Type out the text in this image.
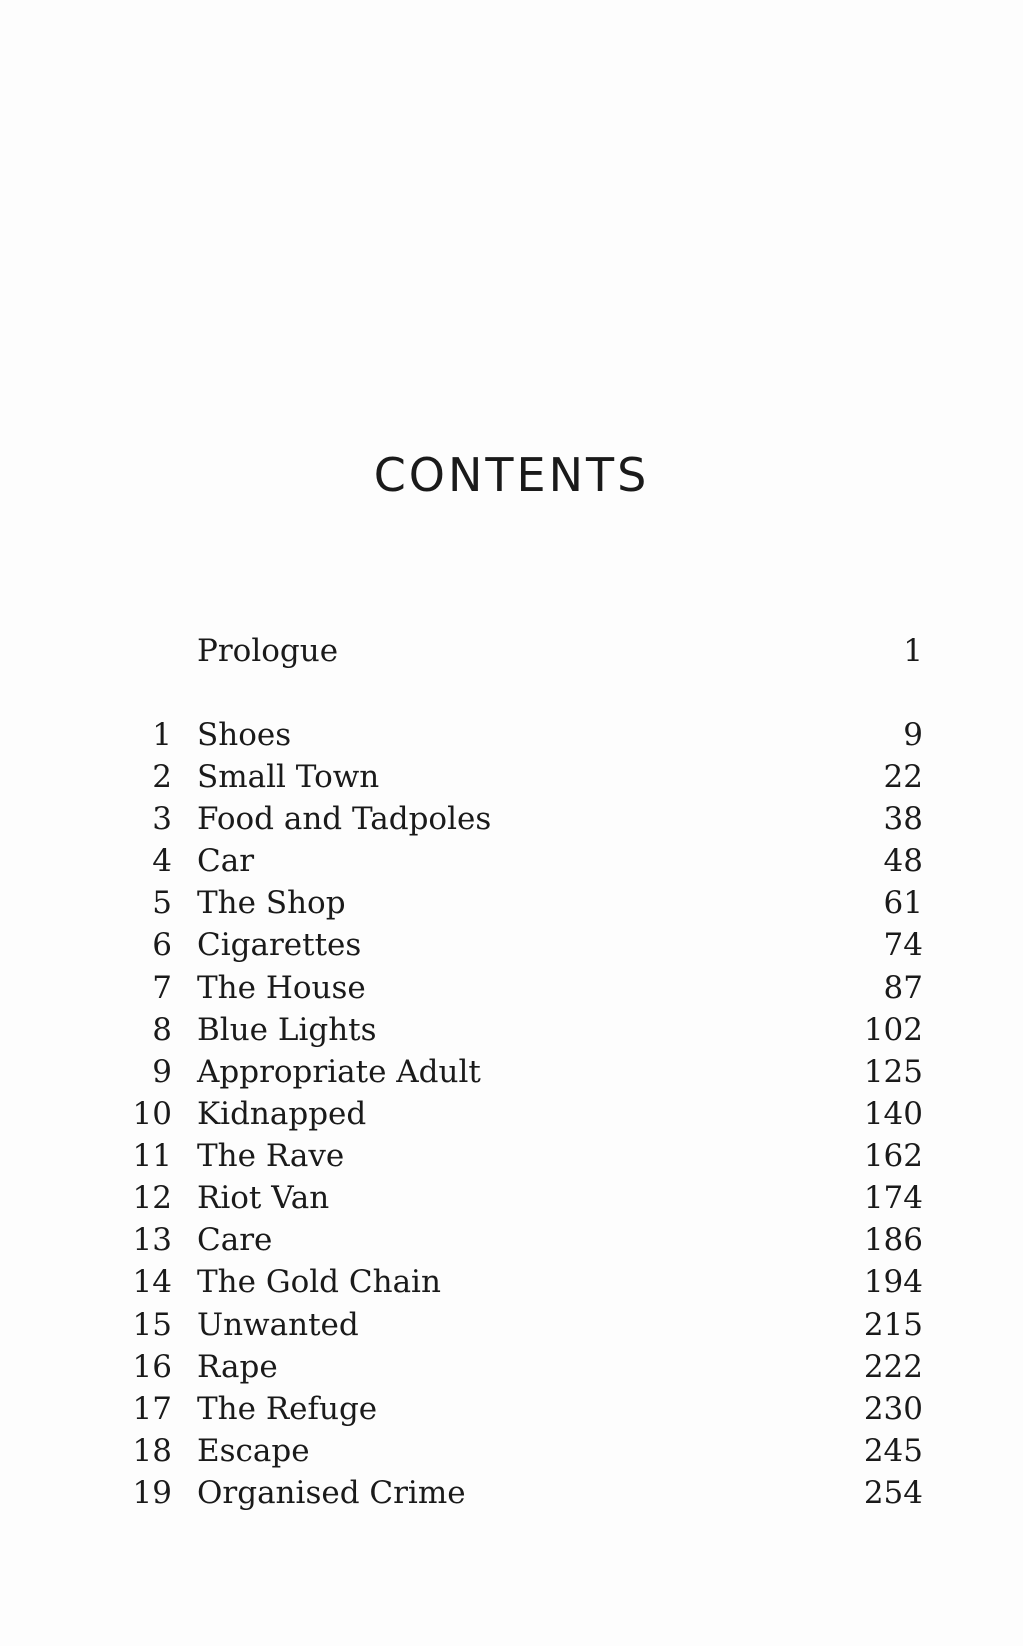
CONTENTS
Prologue	1
1 Shoes	9
2 Small Town	22
3 Food and Tadpoles	38
4 Car	48
5 The Shop	61
6 Cigarettes	74
7 The House	87
8 Blue Lights	102
9 Appropriate Adult	125
10 Kidnapped	140
11 The Rave	162
12 Riot Van	174
13 Care	186
14 The Gold Chain	194
15 Unwanted	215
16 Rape	222
17 The Refuge	230
18 Escape	245
19 Organised Crime	254
